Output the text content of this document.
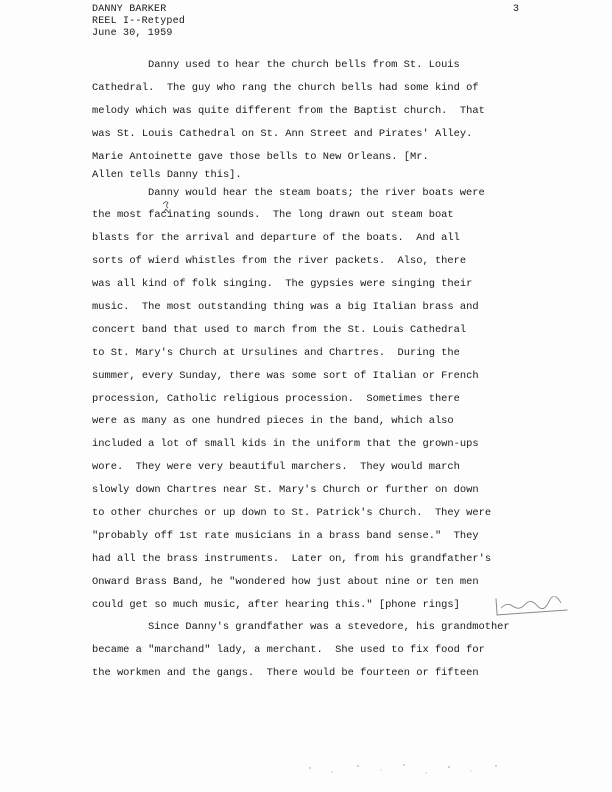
DANNY BARKER
REEL I--Retyped
June 30, 1959
3
Danny used to hear the church bells from St. Louis
Cathedral.  The guy who rang the church bells had some kind of
melody which was quite different from the Baptist church.  That
was St. Louis Cathedral on St. Ann Street and Pirates' Alley.
Marie Antoinette gave those bells to New Orleans. [Mr.
Allen tells Danny this].
Danny would hear the steam boats; the river boats were
the most facinating sounds.  The long drawn out steam boat
blasts for the arrival and departure of the boats.  And all
sorts of wierd whistles from the river packets.  Also, there
was all kind of folk singing.  The gypsies were singing their
music.  The most outstanding thing was a big Italian brass and
concert band that used to march from the St. Louis Cathedral
to St. Mary's Church at Ursulines and Chartres.  During the
summer, every Sunday, there was some sort of Italian or French
procession, Catholic religious procession.  Sometimes there
were as many as one hundred pieces in the band, which also
included a lot of small kids in the uniform that the grown-ups
wore.  They were very beautiful marchers.  They would march
slowly down Chartres near St. Mary's Church or further on down
to other churches or up down to St. Patrick's Church.  They were
"probably off 1st rate musicians in a brass band sense."  They
had all the brass instruments.  Later on, from his grandfather's
Onward Brass Band, he "wondered how just about nine or ten men
could get so much music, after hearing this." [phone rings]
Since Danny's grandfather was a stevedore, his grandmother
became a "marchand" lady, a merchant.  She used to fix food for
the workmen and the gangs.  There would be fourteen or fifteen
